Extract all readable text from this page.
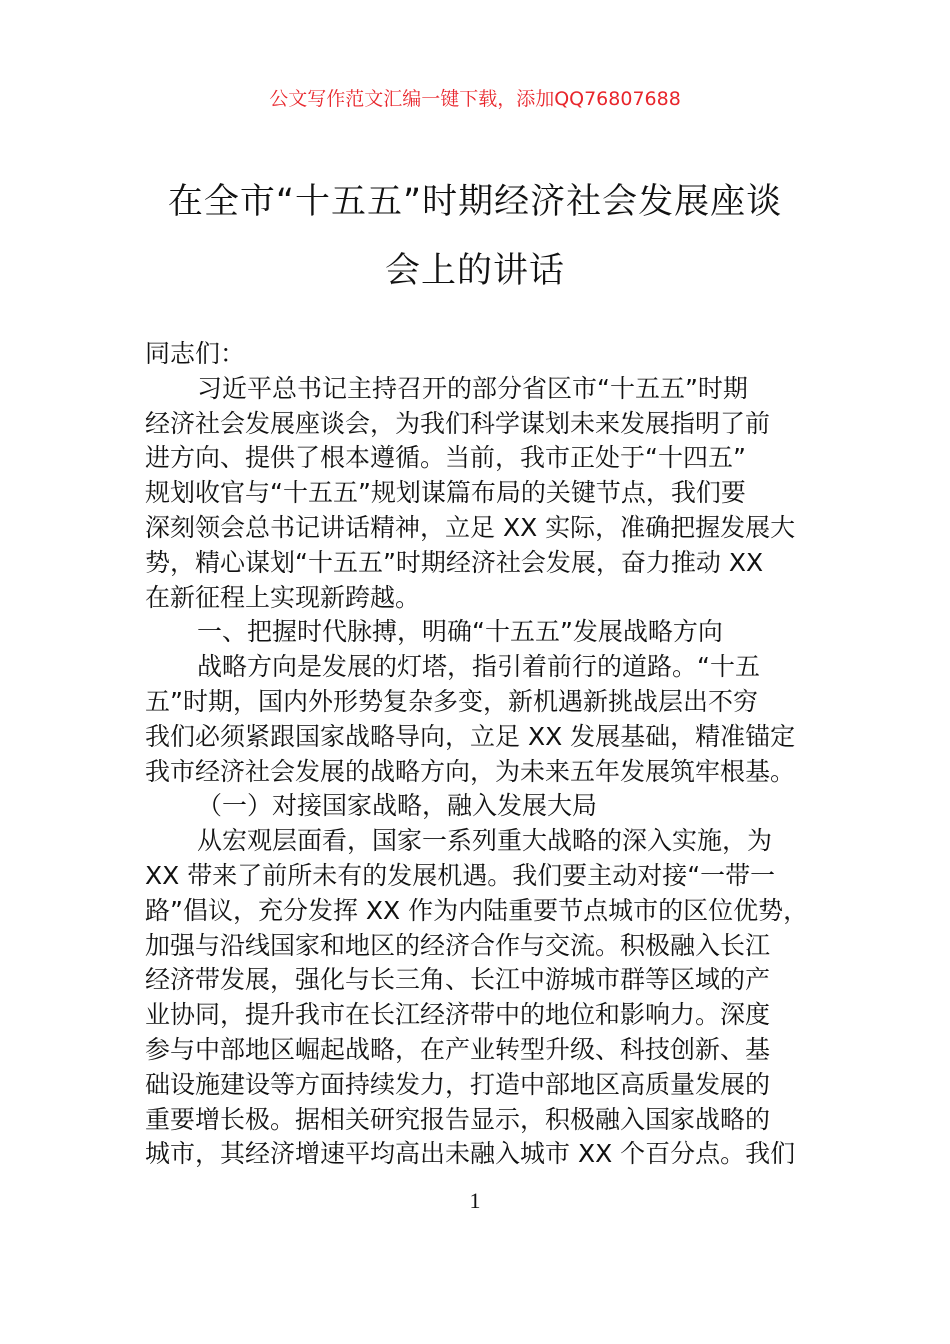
公文写作范文汇编一键下载，添加QQ76807688
在全市“十五五”时期经济社会发展座谈
会上的讲话
同志们：
习近平总书记主持召开的部分省区市“十五五”时期
经济社会发展座谈会，为我们科学谋划未来发展指明了前
进方向、提供了根本遵循。当前，我市正处于“十四五”
规划收官与“十五五”规划谋篇布局的关键节点，我们要
深刻领会总书记讲话精神，立足 XX 实际，准确把握发展大
势，精心谋划“十五五”时期经济社会发展，奋力推动 XX
在新征程上实现新跨越。
一、把握时代脉搏，明确“十五五”发展战略方向
战略方向是发展的灯塔，指引着前行的道路。“十五
五”时期，国内外形势复杂多变，新机遇新挑战层出不穷
我们必须紧跟国家战略导向，立足 XX 发展基础，精准锚定
我市经济社会发展的战略方向，为未来五年发展筑牢根基。
（一）对接国家战略，融入发展大局
从宏观层面看，国家一系列重大战略的深入实施，为
XX 带来了前所未有的发展机遇。我们要主动对接“一带一
路”倡议，充分发挥 XX 作为内陆重要节点城市的区位优势，
加强与沿线国家和地区的经济合作与交流。积极融入长江
经济带发展，强化与长三角、长江中游城市群等区域的产
业协同，提升我市在长江经济带中的地位和影响力。深度
参与中部地区崛起战略，在产业转型升级、科技创新、基
础设施建设等方面持续发力，打造中部地区高质量发展的
重要增长极。据相关研究报告显示，积极融入国家战略的
城市，其经济增速平均高出未融入城市 XX 个百分点。我们
1
